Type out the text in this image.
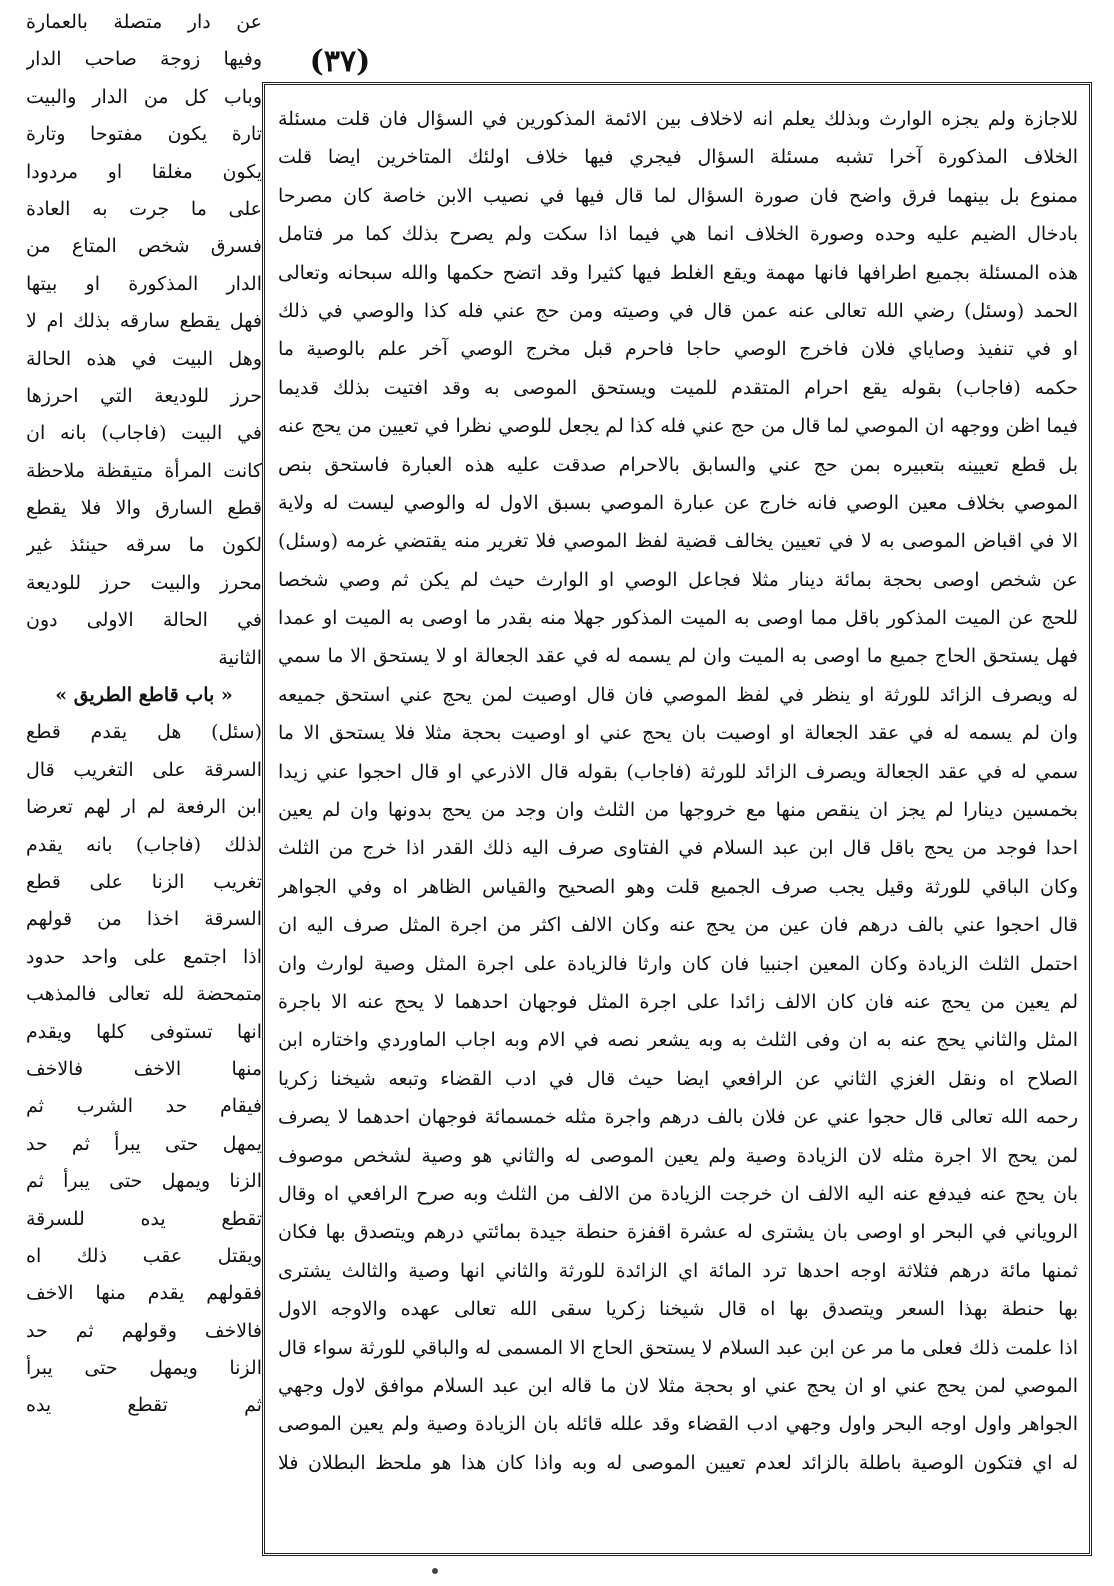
(٣٧)
للاجازة ولم يجزه الوارث وبذلك يعلم انه لاخلاف بين الائمة المذكورين في السؤال فان قلت مسئلة
الخلاف المذكورة آخرا تشبه مسئلة السؤال فيجري فيها خلاف اولئك المتاخرين ايضا قلت
ممنوع بل بينهما فرق واضح فان صورة السؤال لما قال فيها في نصيب الابن خاصة كان مصرحا
بادخال الضيم عليه وحده وصورة الخلاف انما هي فيما اذا سكت ولم يصرح بذلك كما مر فتامل
هذه المسئلة بجميع اطرافها فانها مهمة ويقع الغلط فيها كثيرا وقد اتضح حكمها والله سبحانه وتعالى
الحمد (وسئل) رضي الله تعالى عنه عمن قال في وصيته ومن حج عني فله كذا والوصي في ذلك
او في تنفيذ وصاياي فلان فاخرج الوصي حاجا فاحرم قبل مخرج الوصي آخر علم بالوصية ما
حكمه (فاجاب) بقوله يقع احرام المتقدم للميت ويستحق الموصى به وقد افتيت بذلك قديما
فيما اظن ووجهه ان الموصي لما قال من حج عني فله كذا لم يجعل للوصي نظرا في تعيين من يحج عنه
بل قطع تعيينه بتعبيره بمن حج عني والسابق بالاحرام صدقت عليه هذه العبارة فاستحق بنص
الموصي بخلاف معين الوصي فانه خارج عن عبارة الموصي بسبق الاول له والوصي ليست له ولاية
الا في اقباض الموصى به لا في تعيين يخالف قضية لفظ الموصي فلا تغرير منه يقتضي غرمه (وسئل)
عن شخص اوصى بحجة بمائة دينار مثلا فجاعل الوصي او الوارث حيث لم يكن ثم وصي شخصا
للحج عن الميت المذكور باقل مما اوصى به الميت المذكور جهلا منه بقدر ما اوصى به الميت او عمدا
فهل يستحق الحاج جميع ما اوصى به الميت وان لم يسمه له في عقد الجعالة او لا يستحق الا ما سمي
له ويصرف الزائد للورثة او ينظر في لفظ الموصي فان قال اوصيت لمن يحج عني استحق جميعه
وان لم يسمه له في عقد الجعالة او اوصيت بان يحج عني او اوصيت بحجة مثلا فلا يستحق الا ما
سمي له في عقد الجعالة ويصرف الزائد للورثة (فاجاب) بقوله قال الاذرعي او قال احجوا عني زيدا
بخمسين دينارا لم يجز ان ينقص منها مع خروجها من الثلث وان وجد من يحج بدونها وان لم يعين
احدا فوجد من يحج باقل قال ابن عبد السلام في الفتاوى صرف اليه ذلك القدر اذا خرج من الثلث
وكان الباقي للورثة وقيل يجب صرف الجميع قلت وهو الصحيح والقياس الظاهر اه وفي الجواهر
قال احجوا عني بالف درهم فان عين من يحج عنه وكان الالف اكثر من اجرة المثل صرف اليه ان
احتمل الثلث الزيادة وكان المعين اجنبيا فان كان وارثا فالزيادة على اجرة المثل وصية لوارث وان
لم يعين من يحج عنه فان كان الالف زائدا على اجرة المثل فوجهان احدهما لا يحج عنه الا باجرة
المثل والثاني يحج عنه به ان وفى الثلث به وبه يشعر نصه في الام وبه اجاب الماوردي واختاره ابن
الصلاح اه ونقل الغزي الثاني عن الرافعي ايضا حيث قال في ادب القضاء وتبعه شيخنا زكريا
رحمه الله تعالى قال حجوا عني عن فلان بالف درهم واجرة مثله خمسمائة فوجهان احدهما لا يصرف
لمن يحج الا اجرة مثله لان الزيادة وصية ولم يعين الموصى له والثاني هو وصية لشخص موصوف
بان يحج عنه فيدفع عنه اليه الالف ان خرجت الزيادة من الالف من الثلث وبه صرح الرافعي اه وقال
الروياني في البحر او اوصى بان يشترى له عشرة اقفزة حنطة جيدة بمائتي درهم ويتصدق بها فكان
ثمنها مائة درهم فثلاثة اوجه احدها ترد المائة اي الزائدة للورثة والثاني انها وصية والثالث يشترى
بها حنطة بهذا السعر ويتصدق بها اه قال شيخنا زكريا سقى الله تعالى عهده والاوجه الاول
اذا علمت ذلك فعلى ما مر عن ابن عبد السلام لا يستحق الحاج الا المسمى له والباقي للورثة سواء قال
الموصي لمن يحج عني او ان يحج عني او بحجة مثلا لان ما قاله ابن عبد السلام موافق لاول وجهي
الجواهر واول اوجه البحر واول وجهي ادب القضاء وقد علله قائله بان الزيادة وصية ولم يعين الموصى
له اي فتكون الوصية باطلة بالزائد لعدم تعيين الموصى له وبه واذا كان هذا هو ملحظ البطلان فلا
عن دار متصلة بالعمارة
وفيها زوجة صاحب الدار
وباب كل من الدار والبيت
تارة يكون مفتوحا وتارة
يكون مغلقا او مردودا
على ما جرت به العادة
فسرق شخص المتاع من
الدار المذكورة او بيتها
فهل يقطع سارقه بذلك ام لا
وهل البيت في هذه الحالة
حرز للوديعة التي احرزها
في البيت (فاجاب) بانه ان
كانت المرأة متيقظة ملاحظة
قطع السارق والا فلا يقطع
لكون ما سرقه حينئذ غير
محرز والبيت حرز للوديعة
في الحالة الاولى دون
الثانية
« باب قاطع الطريق »
(سئل) هل يقدم قطع
السرقة على التغريب قال
ابن الرفعة لم ار لهم تعرضا
لذلك (فاجاب) بانه يقدم
تغريب الزنا على قطع
السرقة اخذا من قولهم
اذا اجتمع على واحد حدود
متمحضة لله تعالى فالمذهب
انها تستوفى كلها ويقدم
منها الاخف فالاخف
فيقام حد الشرب ثم
يمهل حتى يبرأ ثم حد
الزنا ويمهل حتى يبرأ ثم
تقطع يده للسرقة
ويقتل عقب ذلك اه
فقولهم يقدم منها الاخف
فالاخف وقولهم ثم حد
الزنا ويمهل حتى يبرأ
ثم تقطع يده
